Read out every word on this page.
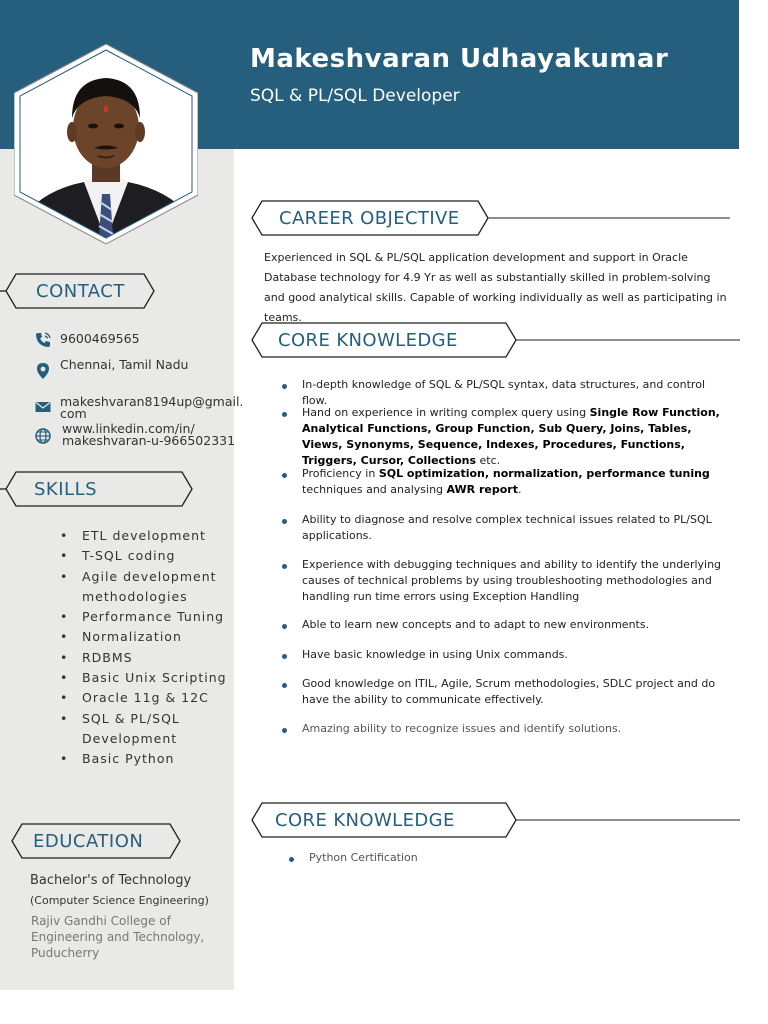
Makeshvaran Udhayakumar
SQL & PL/SQL Developer
CONTACT
9600469565
Chennai, Tamil Nadu
makeshvaran8194up@gmail.
com
www.linkedin.com/in/
makeshvaran-u-966502331
SKILLS
• ETL development
• T-SQL coding
• Agile development methodologies
• Performance Tuning
• Normalization
• RDBMS
• Basic Unix Scripting
• Oracle 11g & 12C
• SQL & PL/SQL Development
• Basic Python
EDUCATION
Bachelor's of Technology
(Computer Science Engineering)
Rajiv Gandhi College of Engineering and Technology, Puducherry
CAREER OBJECTIVE
Experienced in SQL & PL/SQL application development and support in Oracle Database technology for 4.9 Yr as well as substantially skilled in problem-solving and good analytical skills. Capable of working individually as well as participating in teams.
CORE KNOWLEDGE
In-depth knowledge of SQL & PL/SQL syntax, data structures, and control flow.
Hand on experience in writing complex query using Single Row Function, Analytical Functions, Group Function, Sub Query, Joins, Tables, Views, Synonyms, Sequence, Indexes, Procedures, Functions, Triggers, Cursor, Collections etc.
Proficiency in SQL optimization, normalization, performance tuning techniques and analysing AWR report.
Ability to diagnose and resolve complex technical issues related to PL/SQL applications.
Experience with debugging techniques and ability to identify the underlying causes of technical problems by using troubleshooting methodologies and handling run time errors using Exception Handling
Able to learn new concepts and to adapt to new environments.
Have basic knowledge in using Unix commands.
Good knowledge on ITIL, Agile, Scrum methodologies, SDLC project and do have the ability to communicate effectively.
Amazing ability to recognize issues and identify solutions.
CORE KNOWLEDGE
Python Certification
